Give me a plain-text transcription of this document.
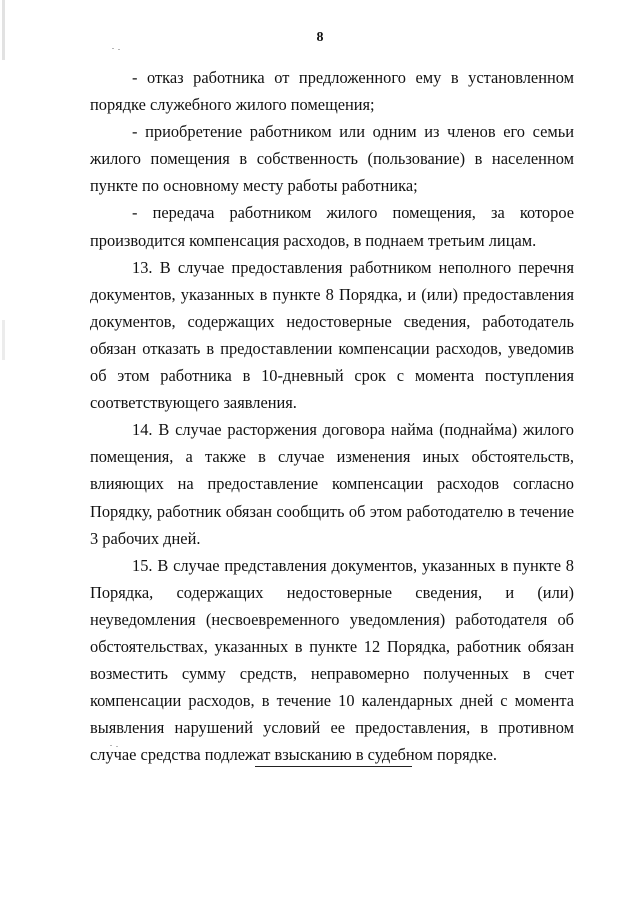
8

- отказ работника от предложенного ему в установленном порядке служебного жилого помещения;

- приобретение работником или одним из членов его семьи жилого помещения в собственность (пользование) в населенном пункте по основному месту работы работника;

- передача работником жилого помещения, за которое производится компенсация расходов, в поднаем третьим лицам.

13. В случае предоставления работником неполного перечня документов, указанных в пункте 8 Порядка, и (или) предоставления документов, содержащих недостоверные сведения, работодатель обязан отказать в предоставлении компенсации расходов, уведомив об этом работника в 10-дневный срок с момента поступления соответствующего заявления.

14. В случае расторжения договора найма (поднайма) жилого помещения, а также в случае изменения иных обстоятельств, влияющих на предоставление компенсации расходов согласно Порядку, работник обязан сообщить об этом работодателю в течение 3 рабочих дней.

15. В случае представления документов, указанных в пункте 8 Порядка, содержащих недостоверные сведения, и (или) неуведомления (несвоевременного уведомления) работодателя об обстоятельствах, указанных в пункте 12 Порядка, работник обязан возместить сумму средств, неправомерно полученных в счет компенсации расходов, в течение 10 календарных дней с момента выявления нарушений условий ее предоставления, в противном случае средства подлежат взысканию в судебном порядке.
